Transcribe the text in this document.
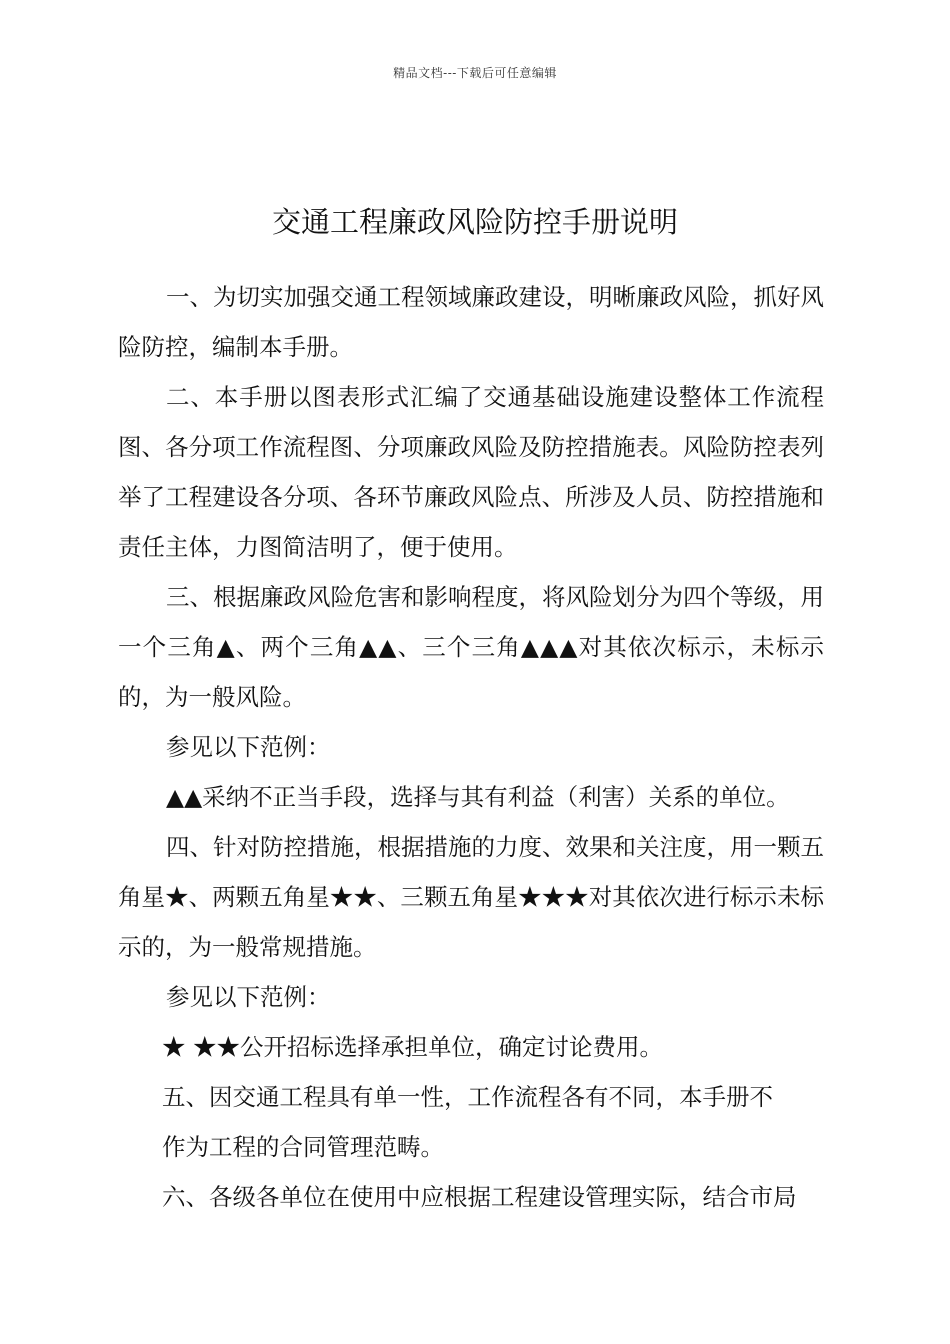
精品文档---下载后可任意编辑
交通工程廉政风险防控手册说明

一、为切实加强交通工程领域廉政建设，明晰廉政风险，抓好风险防控，编制本手册。

二、本手册以图表形式汇编了交通基础设施建设整体工作流程图、各分项工作流程图、分项廉政风险及防控措施表。风险防控表列举了工程建设各分项、各环节廉政风险点、所涉及人员、防控措施和责任主体，力图简洁明了，便于使用。

三、根据廉政风险危害和影响程度，将风险划分为四个等级，用一个三角▲、两个三角▲▲、三个三角▲▲▲对其依次标示，未标示的，为一般风险。

参见以下范例：

▲▲采纳不正当手段，选择与其有利益（利害）关系的单位。

四、针对防控措施，根据措施的力度、效果和关注度，用一颗五角星★、两颗五角星★★、三颗五角星★★★对其依次进行标示未标示的，为一般常规措施。

参见以下范例：

★ ★★公开招标选择承担单位，确定讨论费用。

五、因交通工程具有单一性，工作流程各有不同，本手册不

作为工程的合同管理范畴。

六、各级各单位在使用中应根据工程建设管理实际，结合市局
